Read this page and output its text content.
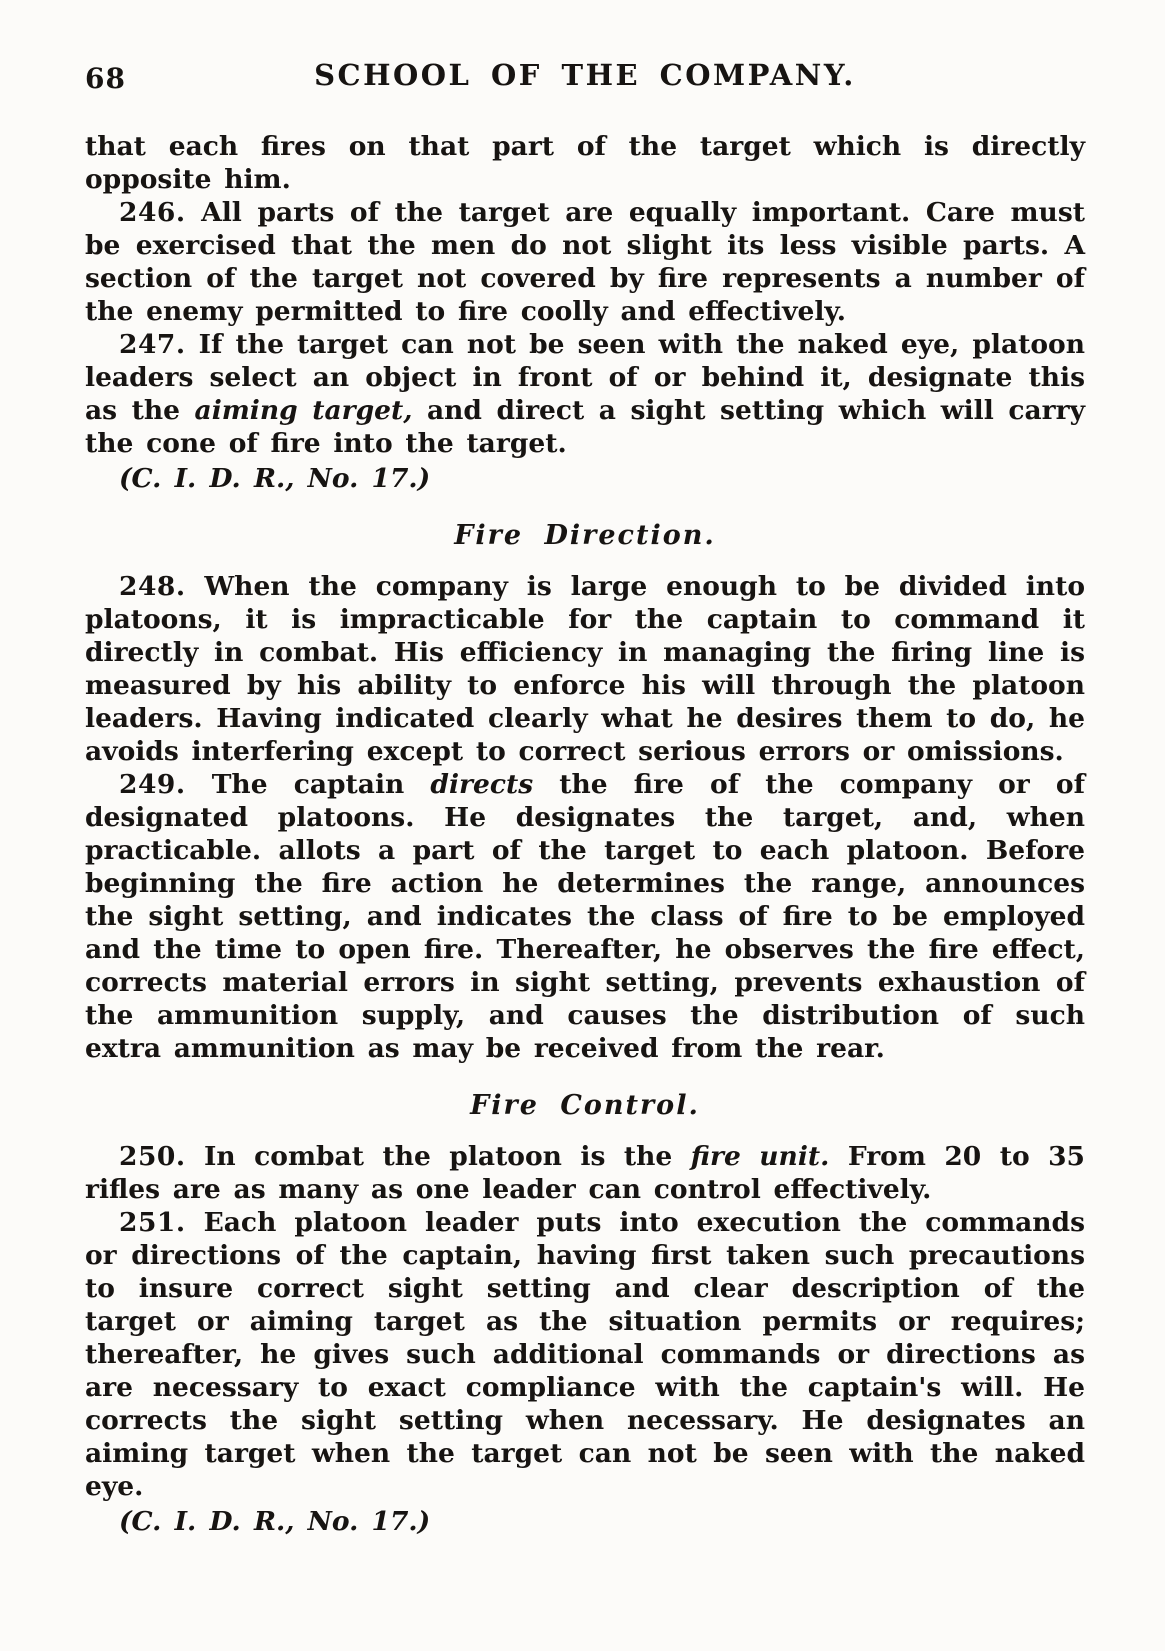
68	SCHOOL OF THE COMPANY.

that each fires on that part of the target which is directly opposite him.

246. All parts of the target are equally important. Care must be exercised that the men do not slight its less visible parts. A section of the target not covered by fire represents a number of the enemy permitted to fire coolly and effectively.

247. If the target can not be seen with the naked eye, platoon leaders select an object in front of or behind it, designate this as the aiming target, and direct a sight setting which will carry the cone of fire into the target.

(C. I. D. R., No. 17.)

Fire Direction.

248. When the company is large enough to be divided into platoons, it is impracticable for the captain to command it directly in combat. His efficiency in managing the firing line is measured by his ability to enforce his will through the platoon leaders. Having indicated clearly what he desires them to do, he avoids interfering except to correct serious errors or omissions.

249. The captain directs the fire of the company or of designated platoons. He designates the target, and, when practicable. allots a part of the target to each platoon. Before beginning the fire action he determines the range, announces the sight setting, and indicates the class of fire to be employed and the time to open fire. Thereafter, he observes the fire effect, corrects material errors in sight setting, prevents exhaustion of the ammunition supply, and causes the distribution of such extra ammunition as may be received from the rear.

Fire Control.

250. In combat the platoon is the fire unit. From 20 to 35 rifles are as many as one leader can control effectively.

251. Each platoon leader puts into execution the commands or directions of the captain, having first taken such precautions to insure correct sight setting and clear description of the target or aiming target as the situation permits or requires; thereafter, he gives such additional commands or directions as are necessary to exact compliance with the captain's will. He corrects the sight setting when necessary. He designates an aiming target when the target can not be seen with the naked eye.

(C. I. D. R., No. 17.)
